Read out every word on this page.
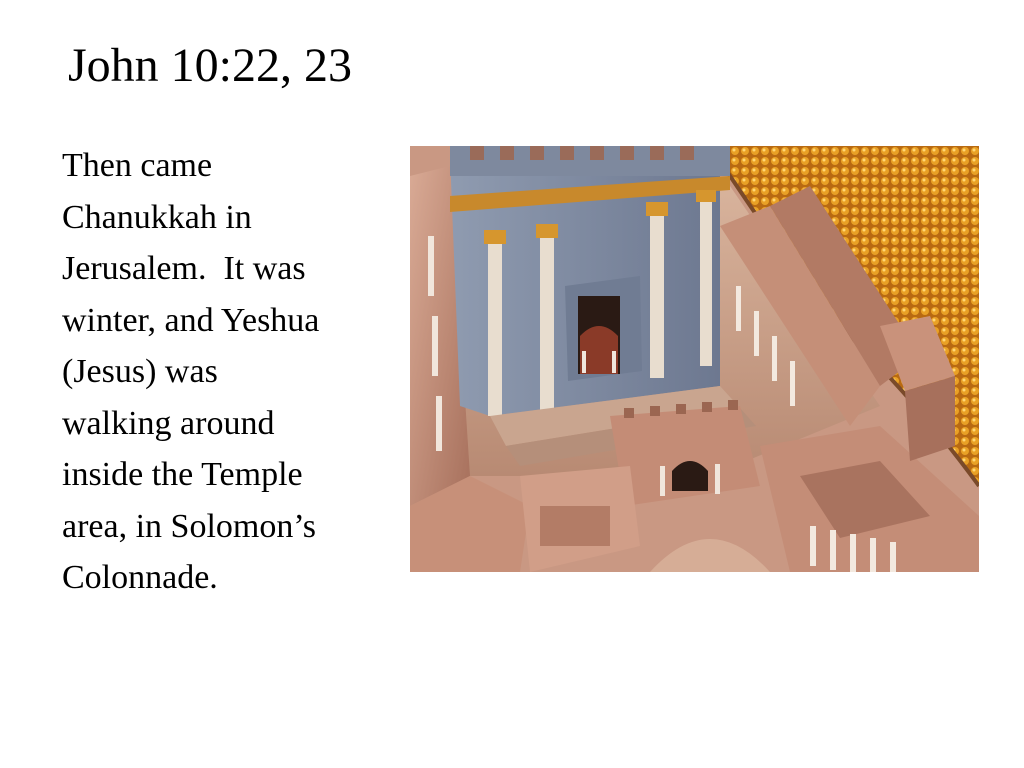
John 10:22, 23

Then came
Chanukkah in
Jerusalem.  It was
winter, and Yeshua
(Jesus) was
walking around
inside the Temple
area, in Solomon’s
Colonnade.
